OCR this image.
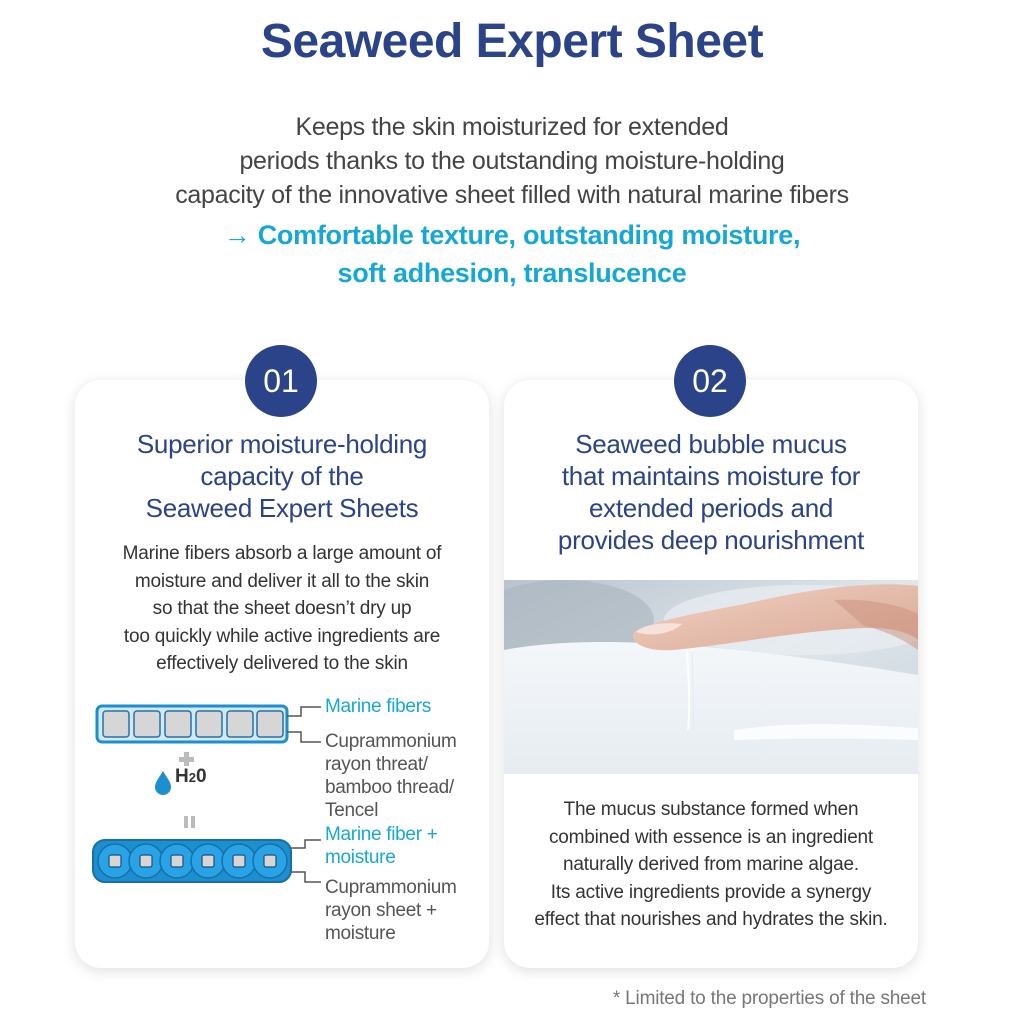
Seaweed Expert Sheet
Keeps the skin moisturized for extended
periods thanks to the outstanding moisture-holding
capacity of the innovative sheet filled with natural marine fibers
→ Comfortable texture, outstanding moisture,
soft adhesion, translucence
01	02
Superior moisture-holding
capacity of the
Seaweed Expert Sheets
Marine fibers absorb a large amount of
moisture and deliver it all to the skin
so that the sheet doesn’t dry up
too quickly while active ingredients are
effectively delivered to the skin
Marine fibers
Cuprammonium
rayon threat/
bamboo thread/
Tencel
Marine fiber +
moisture
Cuprammonium
rayon sheet +
moisture
H20
Seaweed bubble mucus
that maintains moisture for
extended periods and
provides deep nourishment
The mucus substance formed when
combined with essence is an ingredient
naturally derived from marine algae.
Its active ingredients provide a synergy
effect that nourishes and hydrates the skin.
* Limited to the properties of the sheet
